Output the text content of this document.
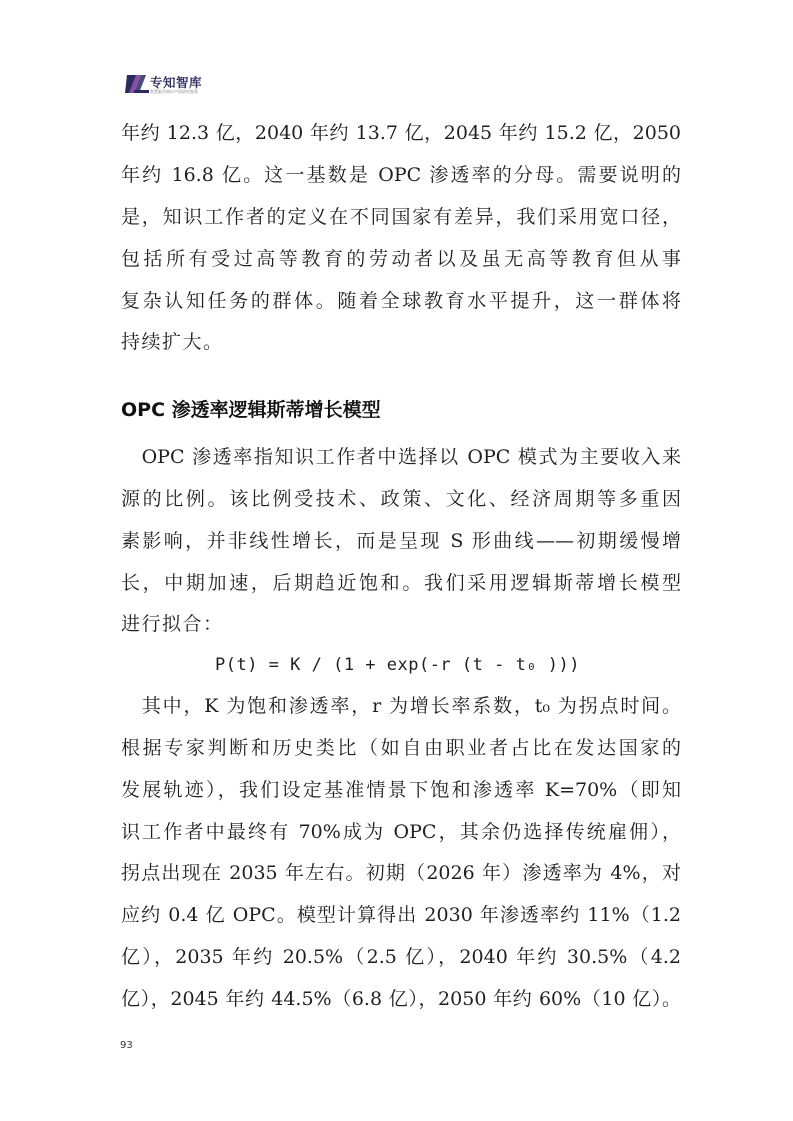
专知智库
智慧驱动知识产权研究服务

年约 12.3 亿，2040 年约 13.7 亿，2045 年约 15.2 亿，2050

年约 16.8 亿。这一基数是 OPC 渗透率的分母。需要说明的

是，知识工作者的定义在不同国家有差异，我们采用宽口径，

包括所有受过高等教育的劳动者以及虽无高等教育但从事

复杂认知任务的群体。随着全球教育水平提升，这一群体将

持续扩大。

OPC 渗透率逻辑斯蒂增长模型

　OPC 渗透率指知识工作者中选择以 OPC 模式为主要收入来

源的比例。该比例受技术、政策、文化、经济周期等多重因

素影响，并非线性增长，而是呈现 S 形曲线——初期缓慢增

长，中期加速，后期趋近饱和。我们采用逻辑斯蒂增长模型

进行拟合：

P(t) = K / (1 + exp(-r (t - t₀ )))

　其中，K 为饱和渗透率，r 为增长率系数，t₀ 为拐点时间。

根据专家判断和历史类比（如自由职业者占比在发达国家的

发展轨迹），我们设定基准情景下饱和渗透率 K=70%（即知

识工作者中最终有 70%成为 OPC，其余仍选择传统雇佣），

拐点出现在 2035 年左右。初期（2026 年）渗透率为 4%，对

应约 0.4 亿 OPC。模型计算得出 2030 年渗透率约 11%（1.2

亿），2035 年约 20.5%（2.5 亿），2040 年约 30.5%（4.2

亿），2045 年约 44.5%（6.8 亿），2050 年约 60%（10 亿）。

93
